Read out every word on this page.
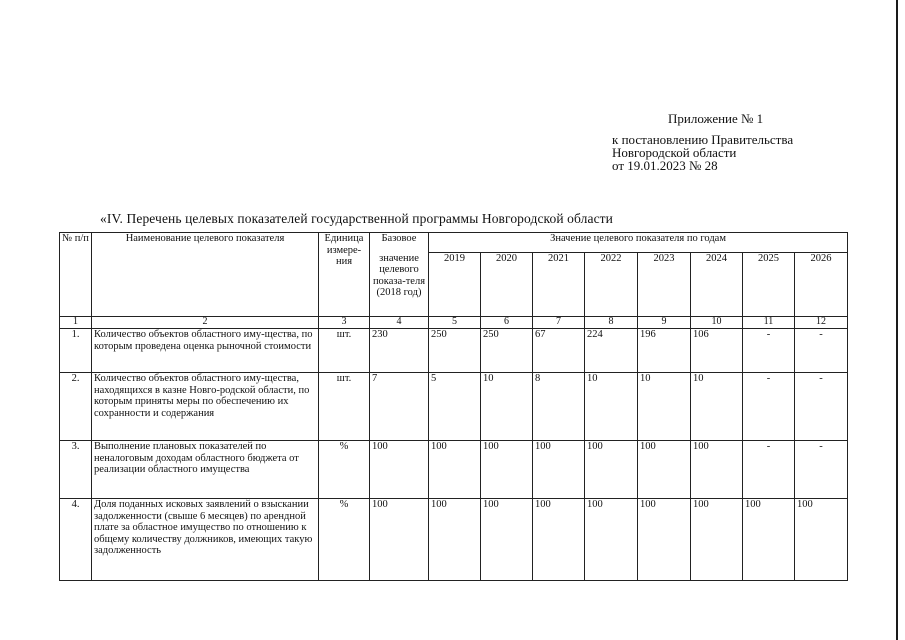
Приложение № 1
к постановлению Правительства
Новгородской области
от 19.01.2023 № 28
«IV. Перечень целевых показателей государственной программы Новгородской области
№ п/п	Наименование целевого показателя	Единица измере-ния	Базовое	Значение целевого показателя по годам							
			значение целевого показа-теля (2018 год)	2019	2020	2021	2022	2023	2024	2025	2026
1	2	3	4	5	6	7	8	9	10	11	12
1.	Количество объектов областного иму-щества, по которым проведена оценка рыночной стоимости	шт.	230	250	250	67	224	196	106	-	-
2.	Количество объектов областного иму-щества, находящихся в казне Новго-родской области, по которым приняты меры по обеспечению их сохранности и содержания	шт.	7	5	10	8	10	10	10	-	-
3.	Выполнение плановых показателей по неналоговым доходам областного бюджета от реализации областного имущества	%	100	100	100	100	100	100	100	-	-
4.	Доля поданных исковых заявлений о взыскании задолженности (свыше 6 месяцев) по арендной плате за областное имущество по отношению к общему количеству должников, имеющих такую задолженность	%	100	100	100	100	100	100	100	100	100
